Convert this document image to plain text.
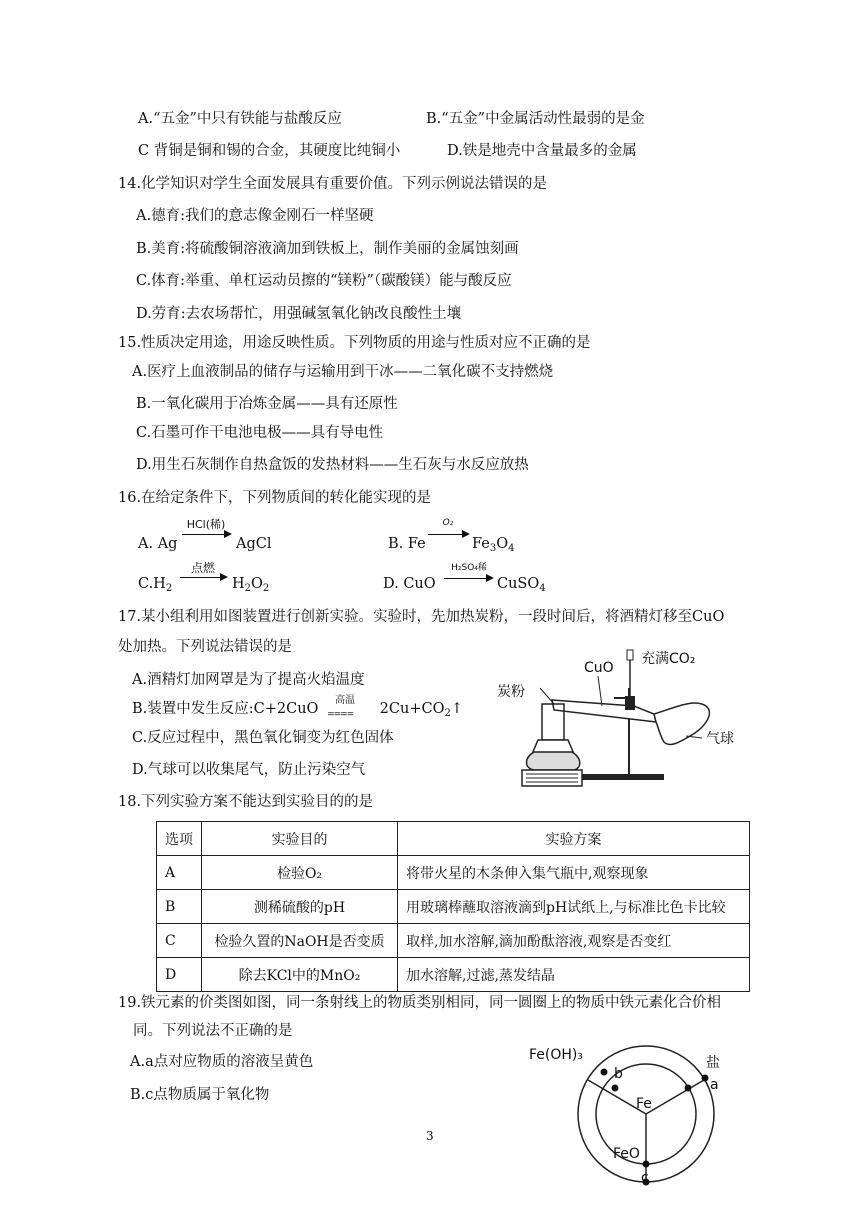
A.“五金”中只有铁能与盐酸反应	B.“五金”中金属活动性最弱的是金
C 背铜是铜和锡的合金，其硬度比纯铜小	D.铁是地壳中含量最多的金属
14.化学知识对学生全面发展具有重要价值。下列示例说法错误的是
A.德育:我们的意志像金刚石一样坚硬
B.美育:将硫酸铜溶液滴加到铁板上，制作美丽的金属蚀刻画
C.体育:举重、单杠运动员擦的“镁粉”（碳酸镁）能与酸反应
D.劳育:去农场帮忙，用强碱氢氧化钠改良酸性土壤
15.性质决定用途，用途反映性质。下列物质的用途与性质对应不正确的是
A.医疗上血液制品的储存与运输用到干冰——二氧化碳不支持燃烧
B.一氧化碳用于冶炼金属——具有还原性
C.石墨可作干电池电极——具有导电性
D.用生石灰制作自热盒饭的发热材料——生石灰与水反应放热
16.在给定条件下，下列物质间的转化能实现的是
A. Ag
HCl(稀)
AgCl	B. Fe
O₂
$Fe_3O_4$
$C.H_2$
点燃
$H_2O_2$	D. CuO
H₂SO₄稀
CuSO$_4$
17.某小组利用如图装置进行创新实验。实验时，先加热炭粉，一段时间后，将酒精灯移至CuO
处加热。下列说法错误的是
A.酒精灯加网罩是为了提高火焰温度
B.装置中发生反应:C+2CuO
高温
==== $2Cu+CO_2↑$
C.反应过程中，黑色氧化铜变为红色固体
D.气球可以收集尾气，防止污染空气
CuO
充满CO₂
炭粉
气球
18.下列实验方案不能达到实验目的的是
选项	实验目的	实验方案
A	检验O₂	将带火星的木条伸入集气瓶中,观察现象
B	测稀硫酸的pH	用玻璃棒蘸取溶液滴到pH试纸上,与标准比色卡比较
C	检验久置的NaOH是否变质	取样,加水溶解,滴加酚酞溶液,观察是否变红
D	除去KCl中的MnO₂	加水溶解,过滤,蒸发结晶
19.铁元素的价类图如图，同一条射线上的物质类别相同，同一圆圈上的物质中铁元素化合价相
同。下列说法不正确的是
A.a点对应物质的溶液呈黄色
B.c点物质属于氧化物
Fe(OH)₃	盐
a
b
Fe
FeO
c
3
